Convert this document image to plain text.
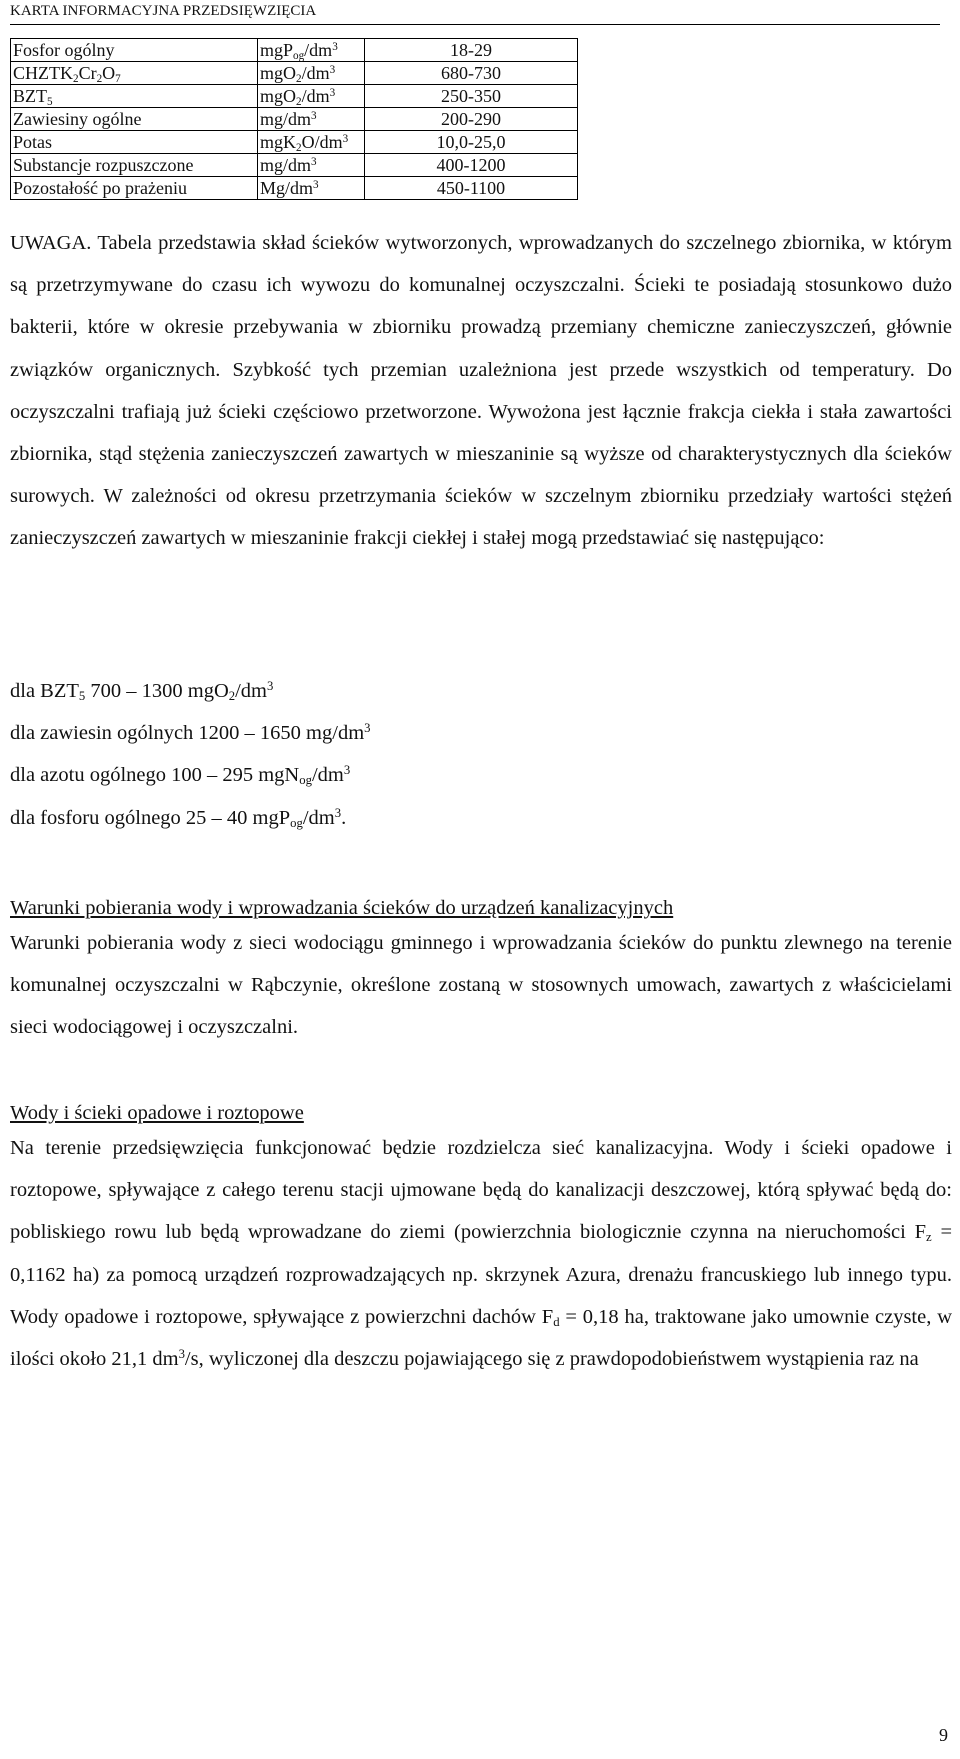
KARTA INFORMACYJNA PRZEDSIĘWZIĘCIA
Fosfor ogólny	$mgP_{og}/dm^3$	18-29
$CHZTK_2Cr_2O_7$	$mgO_2/dm^3$	680-730
$BZT_5$	$mgO_2/dm^3$	250-350
Zawiesiny ogólne	$mg/dm^3$	200-290
Potas	$mgK_2O/dm^3$	10,0-25,0
Substancje rozpuszczone	$mg/dm^3$	400-1200
Pozostałość po prażeniu	$Mg/dm^3$	450-1100

UWAGA. Tabela przedstawia skład ścieków wytworzonych, wprowadzanych do szczelnego zbiornika, w którym są przetrzymywane do czasu ich wywozu do komunalnej oczyszczalni. Ścieki te posiadają stosunkowo dużo bakterii, które w okresie przebywania w zbiorniku prowadzą przemiany chemiczne zanieczyszczeń, głównie związków organicznych. Szybkość tych przemian uzależniona jest przede wszystkich od temperatury. Do oczyszczalni trafiają już ścieki częściowo przetworzone. Wywożona jest łącznie frakcja ciekła i stała zawartości zbiornika, stąd stężenia zanieczyszczeń zawartych w mieszaninie są wyższe od charakterystycznych dla ścieków surowych. W zależności od okresu przetrzymania ścieków w szczelnym zbiorniku przedziały wartości stężeń zanieczyszczeń zawartych w mieszaninie frakcji ciekłej i stałej mogą przedstawiać się następująco:

dla $BZT_5$ 700 – 1300 $mgO_2/dm^3$
dla zawiesin ogólnych 1200 – 1650 $mg/dm^3$
dla azotu ogólnego 100 – 295 $mgN_{og}/dm^3$
dla fosforu ogólnego 25 – 40 $mgP_{og}/dm^3$.

Warunki pobierania wody i wprowadzania ścieków do urządzeń kanalizacyjnych

Warunki pobierania wody z sieci wodociągu gminnego i wprowadzania ścieków do punktu zlewnego na terenie komunalnej oczyszczalni w Rąbczynie, określone zostaną w stosownych umowach, zawartych z właścicielami sieci wodociągowej i oczyszczalni.

Wody i ścieki opadowe i roztopowe

Na terenie przedsięwzięcia funkcjonować będzie rozdzielcza sieć kanalizacyjna. Wody i ścieki opadowe i roztopowe, spływające z całego terenu stacji ujmowane będą do kanalizacji deszczowej, którą spływać będą do: pobliskiego rowu lub będą wprowadzane do ziemi (powierzchnia biologicznie czynna na nieruchomości $F_z = 0,1162$ ha) za pomocą urządzeń rozprowadzających np. skrzynek Azura, drenażu francuskiego lub innego typu. Wody opadowe i roztopowe, spływające z powierzchni dachów $F_d = 0,18$ ha, traktowane jako umownie czyste, w ilości około 21,1 $dm^3/s$, wyliczonej dla deszczu pojawiającego się z prawdopodobieństwem wystąpienia raz na

9
